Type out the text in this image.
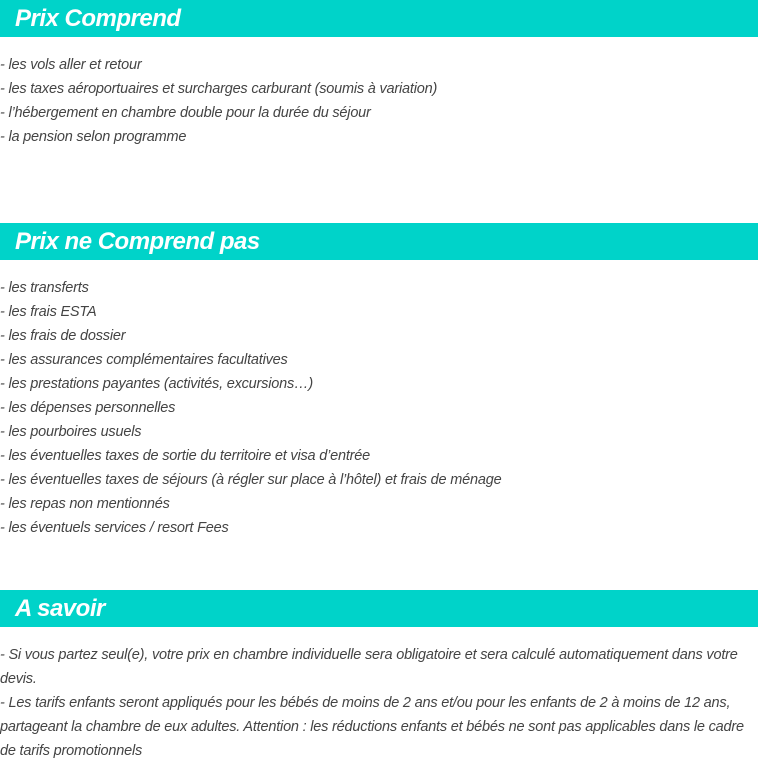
Prix Comprend
- les vols aller et retour
- les taxes aéroportuaires et surcharges carburant (soumis à variation)
- l’hébergement en chambre double pour la durée du séjour
- la pension selon programme
Prix ne Comprend pas
- les transferts
- les frais ESTA
- les frais de dossier
- les assurances complémentaires facultatives
- les prestations payantes (activités, excursions…)
- les dépenses personnelles
- les pourboires usuels
- les éventuelles taxes de sortie du territoire et visa d’entrée
- les éventuelles taxes de séjours (à régler sur place à l’hôtel) et frais de ménage
- les repas non mentionnés
- les éventuels services / resort Fees
A savoir

- Si vous partez seul(e), votre prix en chambre individuelle sera obligatoire et sera calculé automatiquement dans votre devis.

- Les tarifs enfants seront appliqués pour les bébés de moins de 2 ans et/ou pour les enfants de 2 à moins de 12 ans, partageant la chambre de eux adultes. Attention : les réductions enfants et bébés ne sont pas applicables dans le cadre de tarifs promotionnels
